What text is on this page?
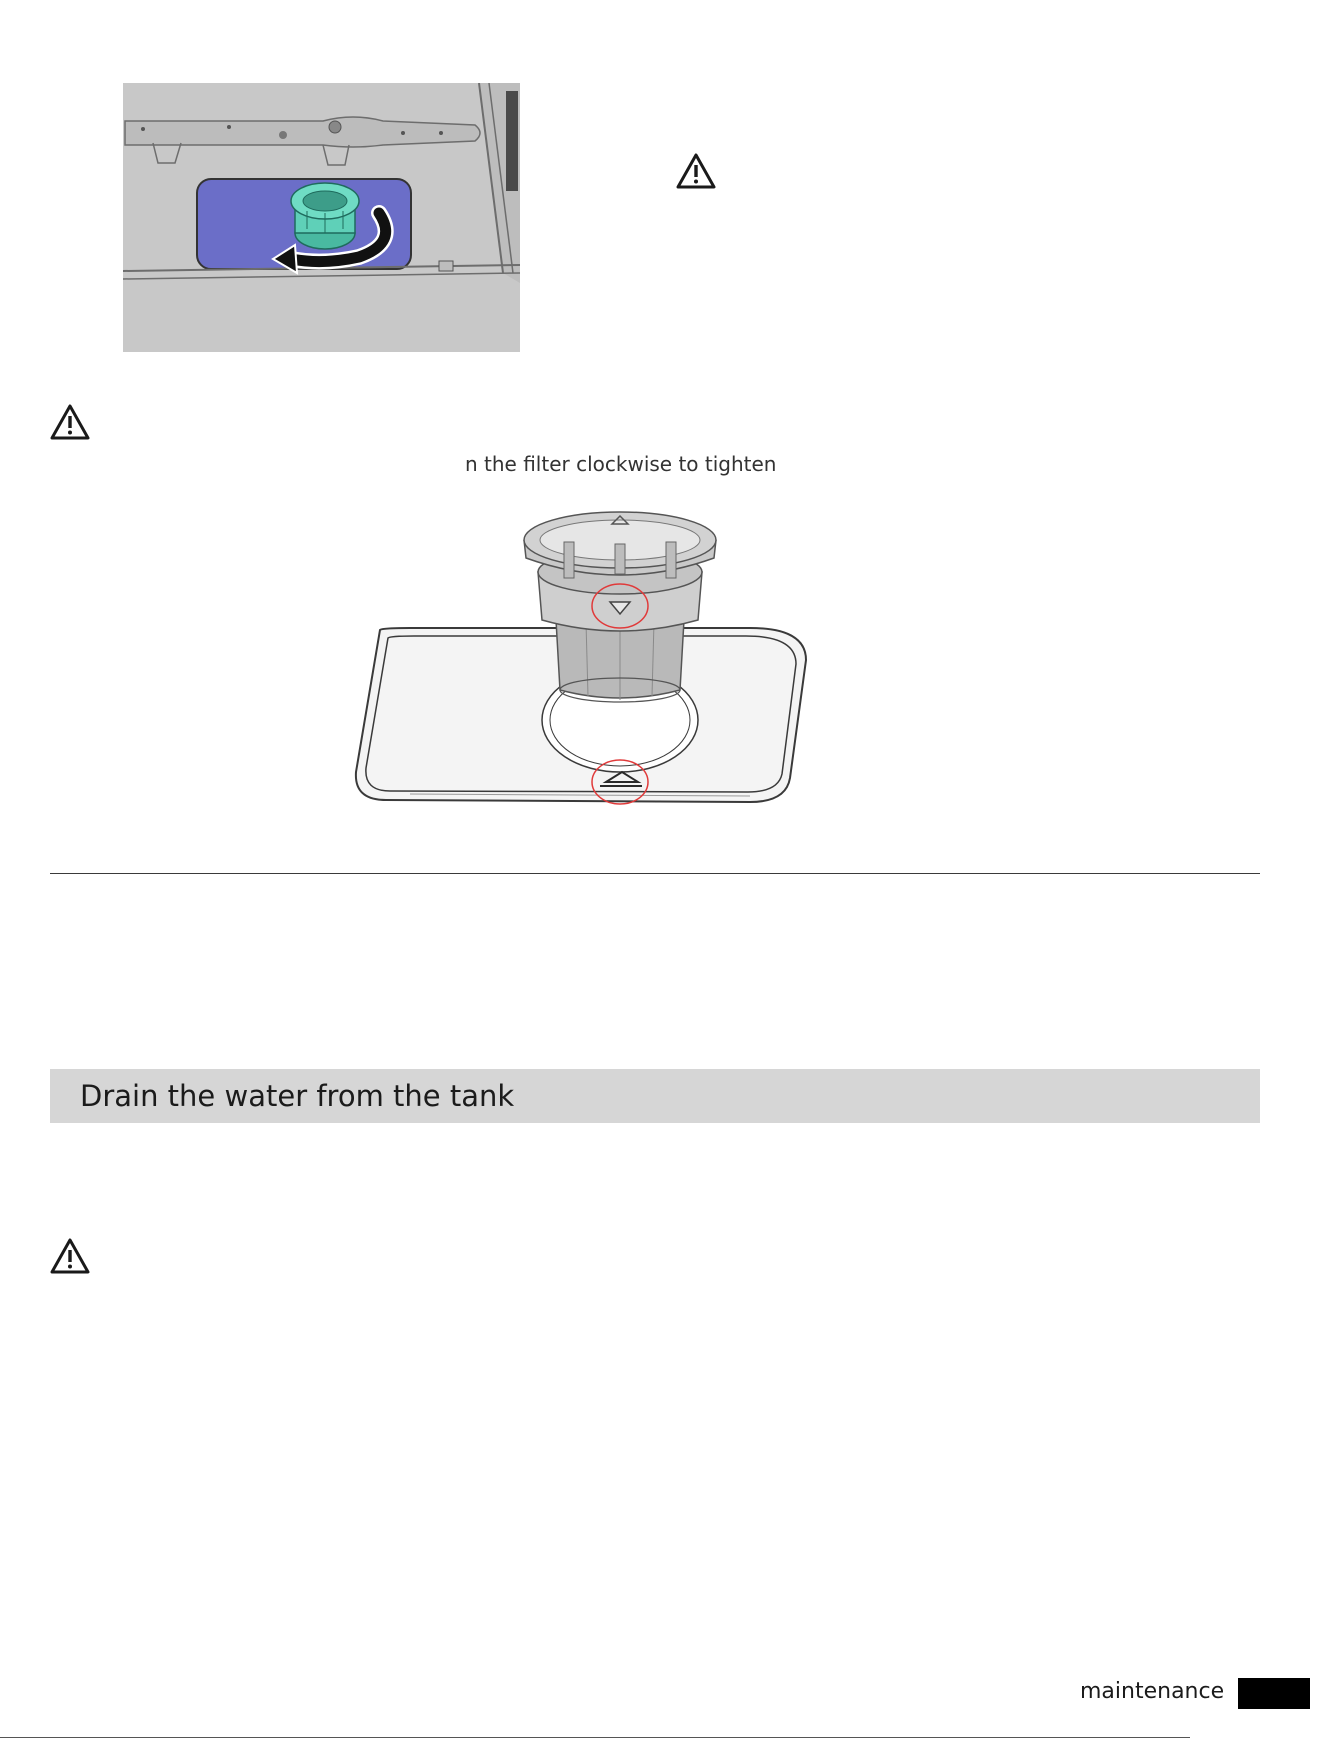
n the filter clockwise to tighten
Drain the water from the tank
maintenance
